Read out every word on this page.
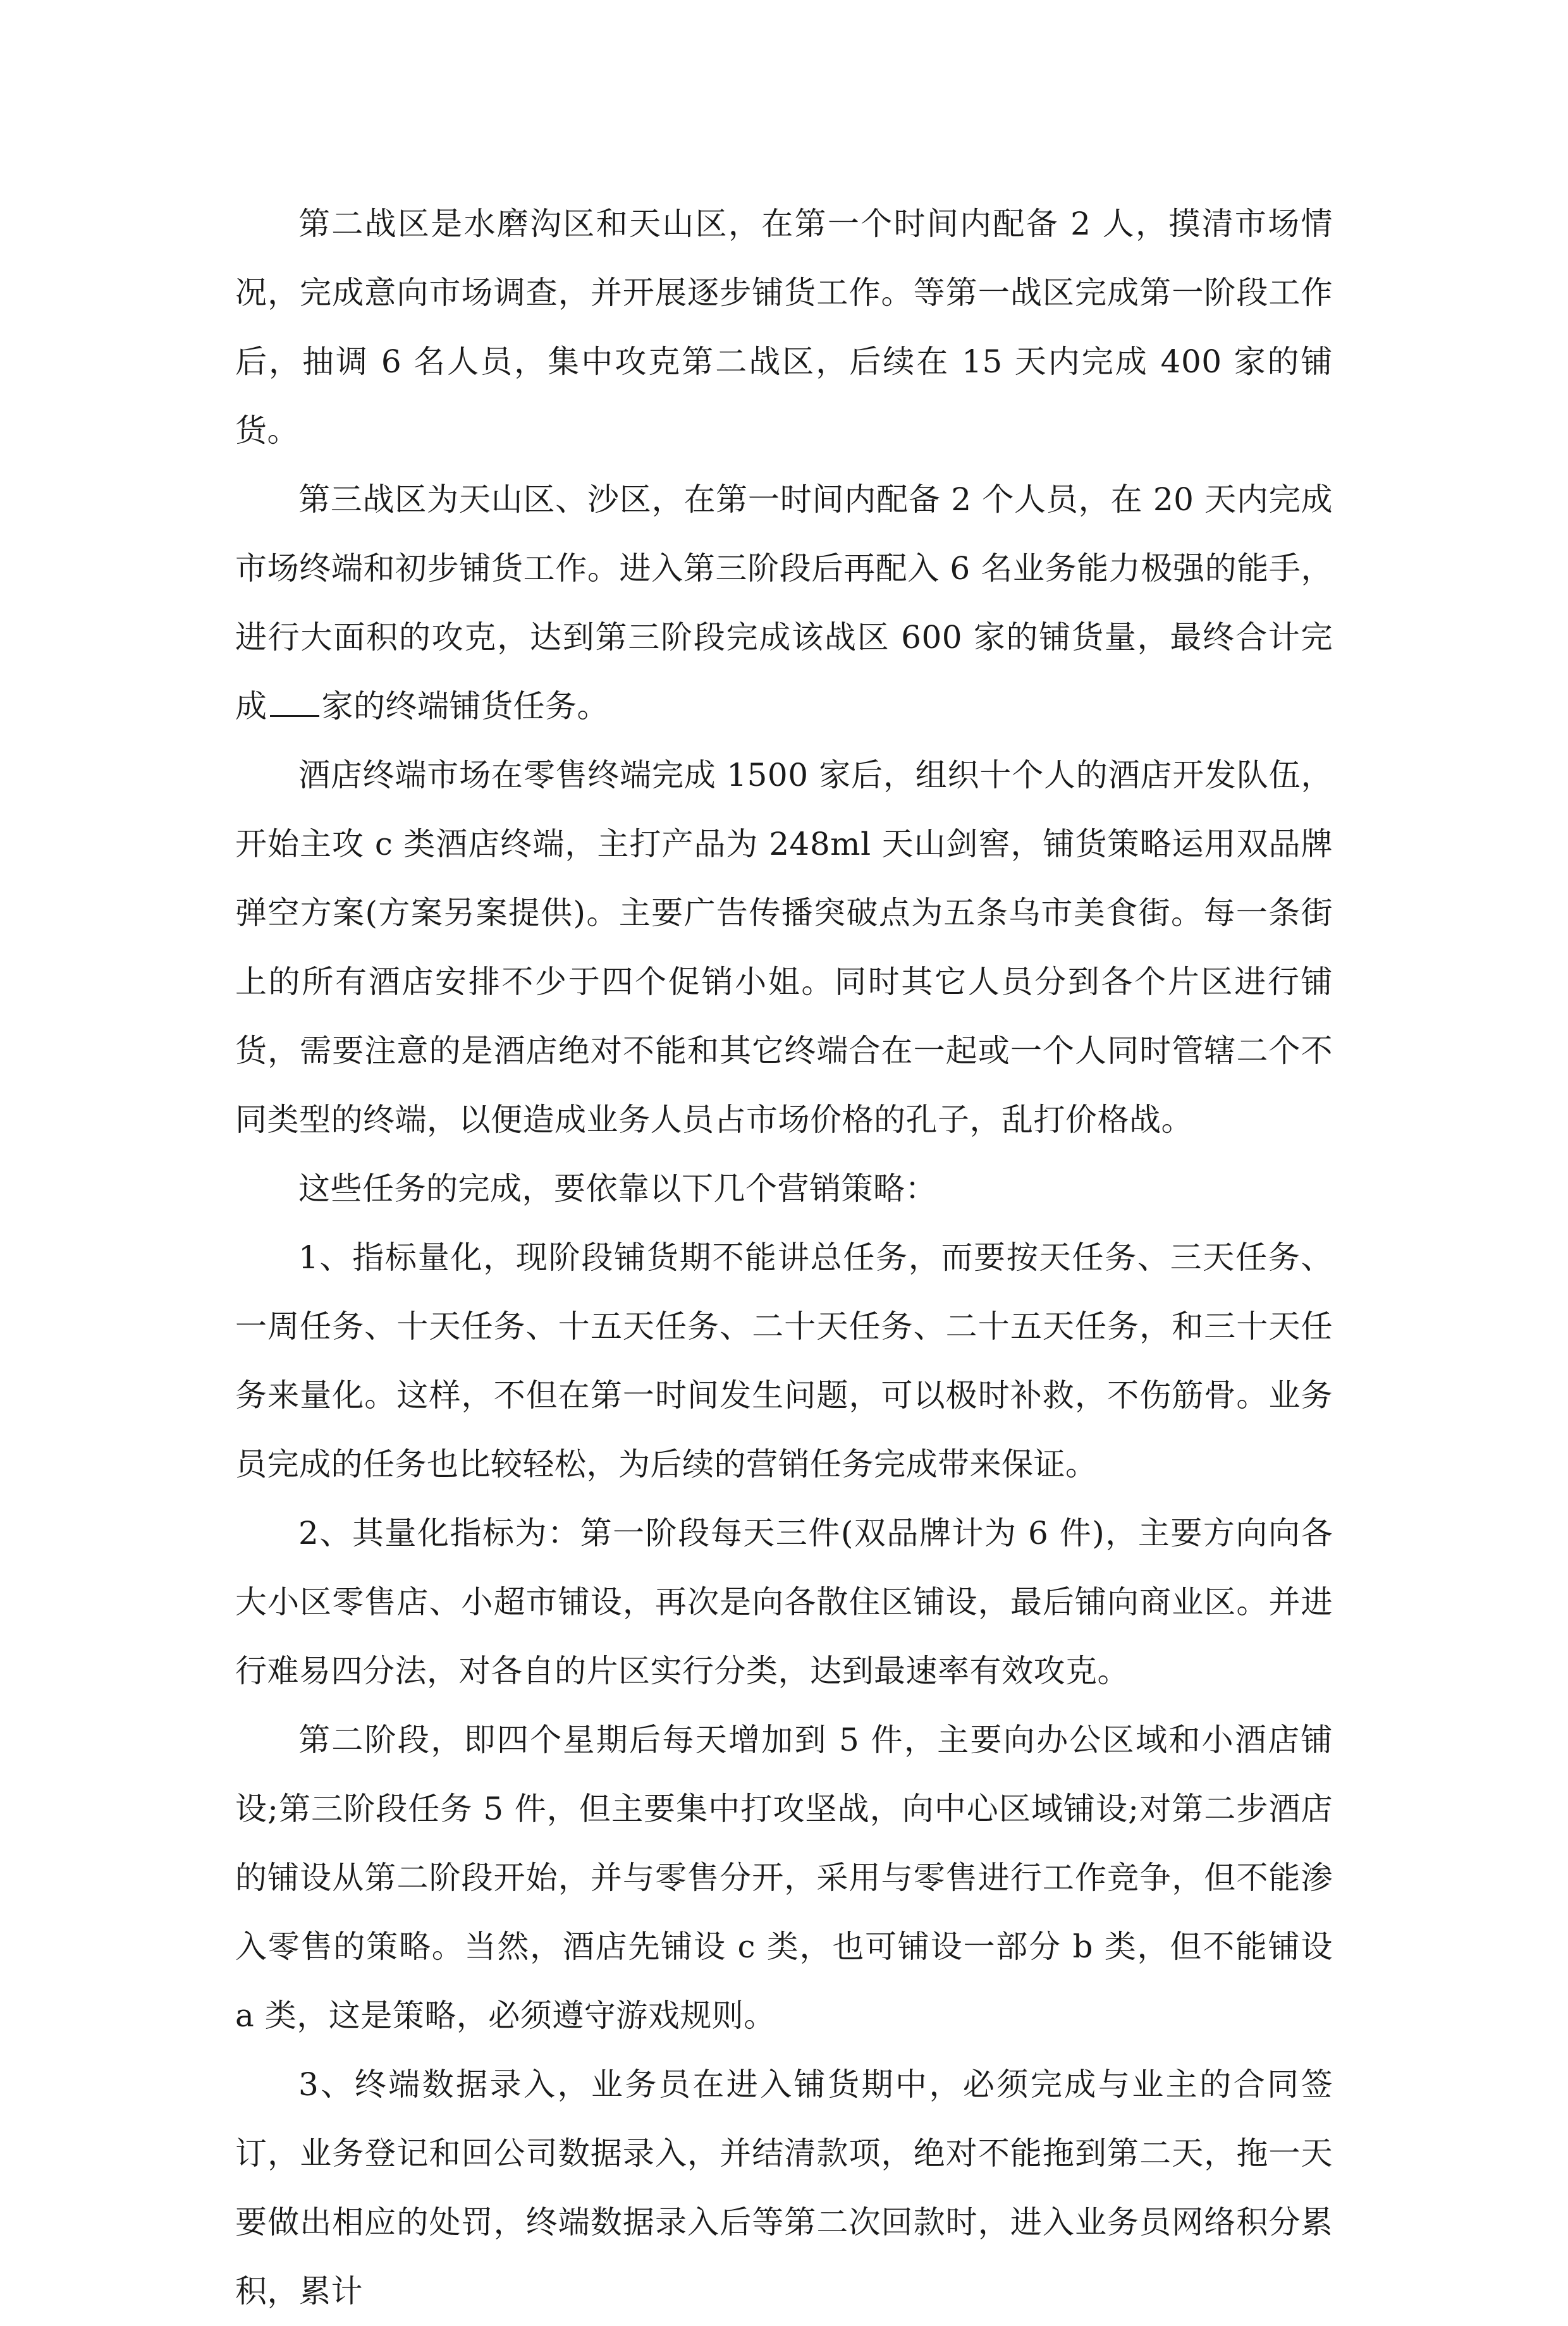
第二战区是水磨沟区和天山区，在第一个时间内配备 2 人，摸清市场情况，完成意向市场调查，并开展逐步铺货工作。等第一战区完成第一阶段工作后，抽调 6 名人员，集中攻克第二战区，后续在 15 天内完成 400 家的铺货。

第三战区为天山区、沙区，在第一时间内配备 2 个人员，在 20 天内完成市场终端和初步铺货工作。进入第三阶段后再配入 6 名业务能力极强的能手，进行大面积的攻克，达到第三阶段完成该战区 600 家的铺货量，最终合计完成 家的终端铺货任务。

酒店终端市场在零售终端完成 1500 家后，组织十个人的酒店开发队伍，开始主攻 c 类酒店终端，主打产品为 248ml 天山剑窖，铺货策略运用双品牌弹空方案(方案另案提供)。主要广告传播突破点为五条乌市美食街。每一条街上的所有酒店安排不少于四个促销小姐。同时其它人员分到各个片区进行铺货，需要注意的是酒店绝对不能和其它终端合在一起或一个人同时管辖二个不同类型的终端，以便造成业务人员占市场价格的孔子，乱打价格战。

这些任务的完成，要依靠以下几个营销策略：

1、指标量化，现阶段铺货期不能讲总任务，而要按天任务、三天任务、一周任务、十天任务、十五天任务、二十天任务、二十五天任务，和三十天任务来量化。这样，不但在第一时间发生问题，可以极时补救，不伤筋骨。业务员完成的任务也比较轻松，为后续的营销任务完成带来保证。

2、其量化指标为：第一阶段每天三件(双品牌计为 6 件)，主要方向向各大小区零售店、小超市铺设，再次是向各散住区铺设，最后铺向商业区。并进行难易四分法，对各自的片区实行分类，达到最速率有效攻克。

第二阶段，即四个星期后每天增加到 5 件，主要向办公区域和小酒店铺设;第三阶段任务 5 件，但主要集中打攻坚战，向中心区域铺设;对第二步酒店的铺设从第二阶段开始，并与零售分开，采用与零售进行工作竞争，但不能渗入零售的策略。当然，酒店先铺设 c 类，也可铺设一部分 b 类，但不能铺设 a 类，这是策略，必须遵守游戏规则。

3、终端数据录入，业务员在进入铺货期中，必须完成与业主的合同签订，业务登记和回公司数据录入，并结清款项，绝对不能拖到第二天，拖一天要做出相应的处罚，终端数据录入后等第二次回款时，进入业务员网络积分累积，累计
